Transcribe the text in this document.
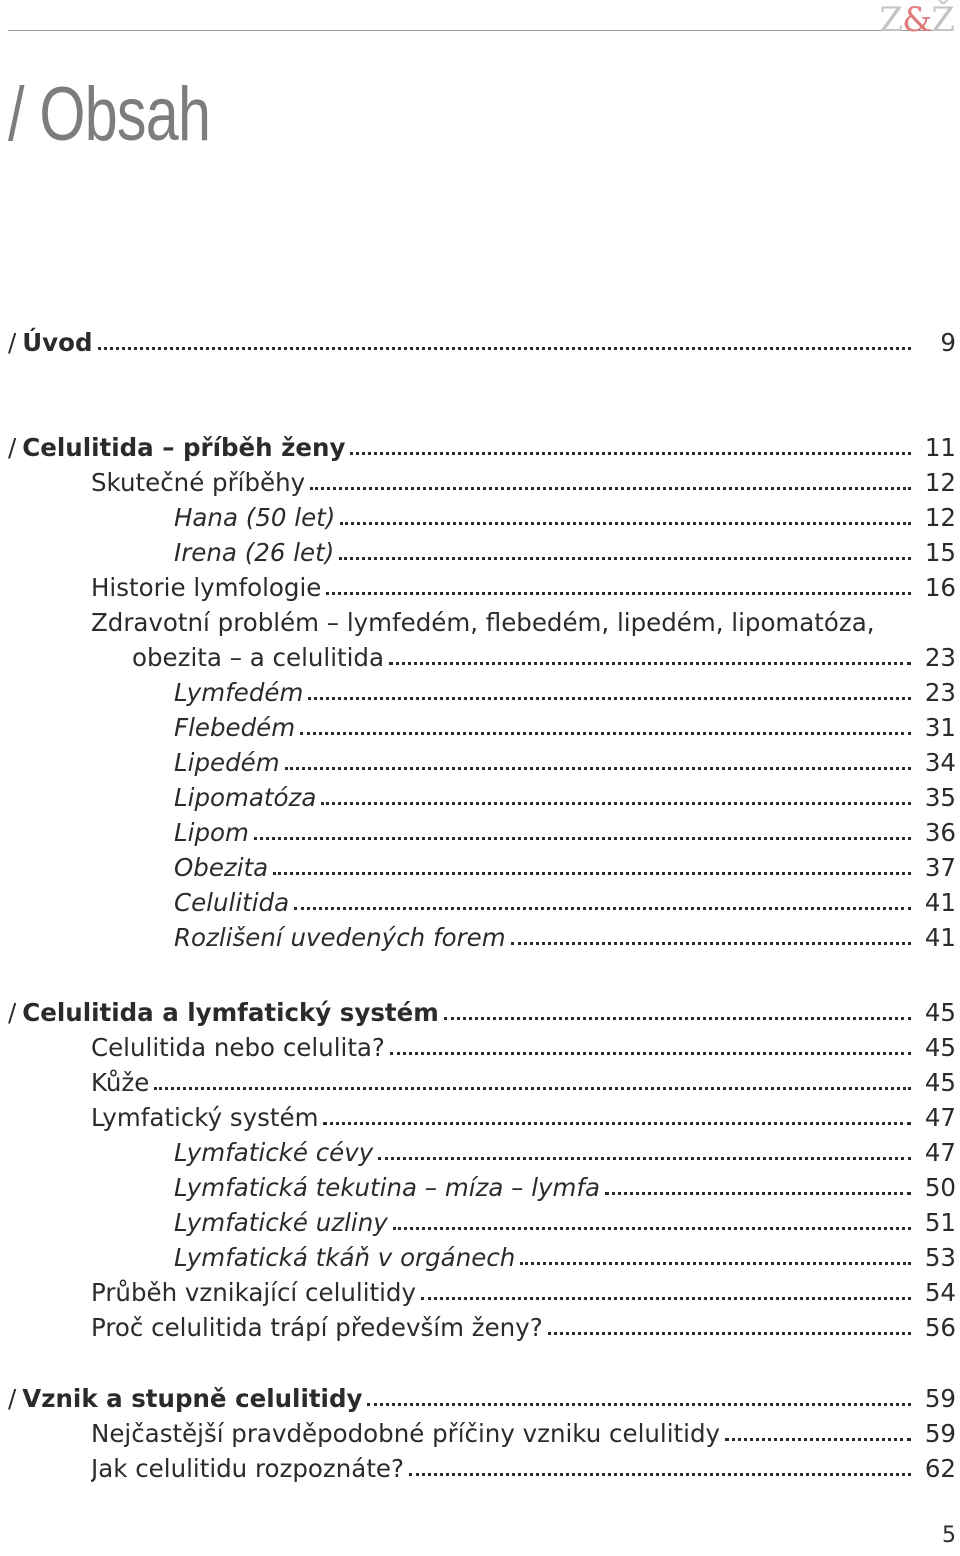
Z&Ž
/ Obsah
/ Úvod	9
/ Celulitida – příběh ženy	11
Skutečné příběhy	12
Hana (50 let)	12
Irena (26 let)	15
Historie lymfologie	16
Zdravotní problém – lymfedém, flebedém, lipedém, lipomatóza,
obezita – a celulitida	23
Lymfedém	23
Flebedém	31
Lipedém	34
Lipomatóza	35
Lipom	36
Obezita	37
Celulitida	41
Rozlišení uvedených forem	41
/ Celulitida a lymfatický systém	45
Celulitida nebo celulita?	45
Kůže	45
Lymfatický systém	47
Lymfatické cévy	47
Lymfatická tekutina – míza – lymfa	50
Lymfatické uzliny	51
Lymfatická tkáň v orgánech	53
Průběh vznikající celulitidy	54
Proč celulitida trápí především ženy?	56
/ Vznik a stupně celulitidy	59
Nejčastější pravděpodobné příčiny vzniku celulitidy	59
Jak celulitidu rozpoznáte?	62
5
